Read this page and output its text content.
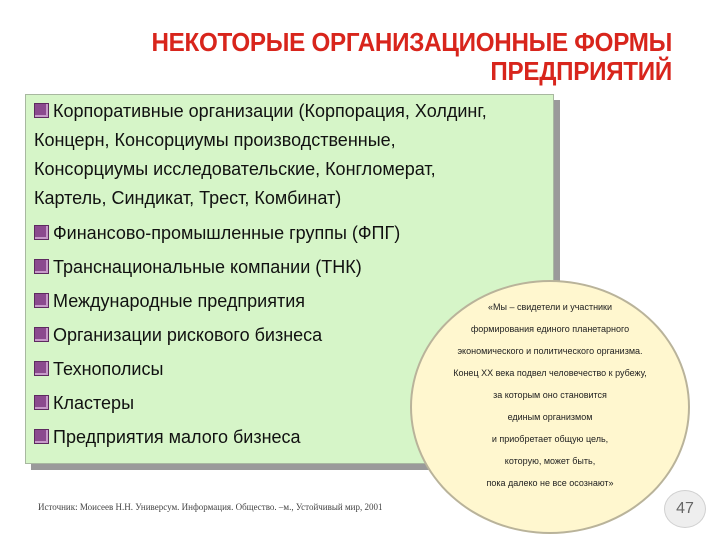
НЕКОТОРЫЕ ОРГАНИЗАЦИОННЫЕ ФОРМЫ
ПРЕДПРИЯТИЙ
Корпоративные организации (Корпорация, Холдинг,
Концерн, Консорциумы производственные,
Консорциумы исследовательские, Конгломерат,
Картель, Синдикат, Трест, Комбинат)
Финансово-промышленные группы (ФПГ)
Транснациональные компании (ТНК)
Международные предприятия
Организации рискового бизнеса
Технополисы
Кластеры
Предприятия малого бизнеса
«Мы – свидетели и участники
формирования единого планетарного
экономического и политического организма.
Конец XX века подвел человечество к рубежу,
за которым оно становится
единым организмом
и приобретает общую цель,
которую, может быть,
пока далеко не все осознают»
Источник: Моисеев Н.Н. Универсум. Информация. Общество. –м., Устойчивый мир, 2001	47
